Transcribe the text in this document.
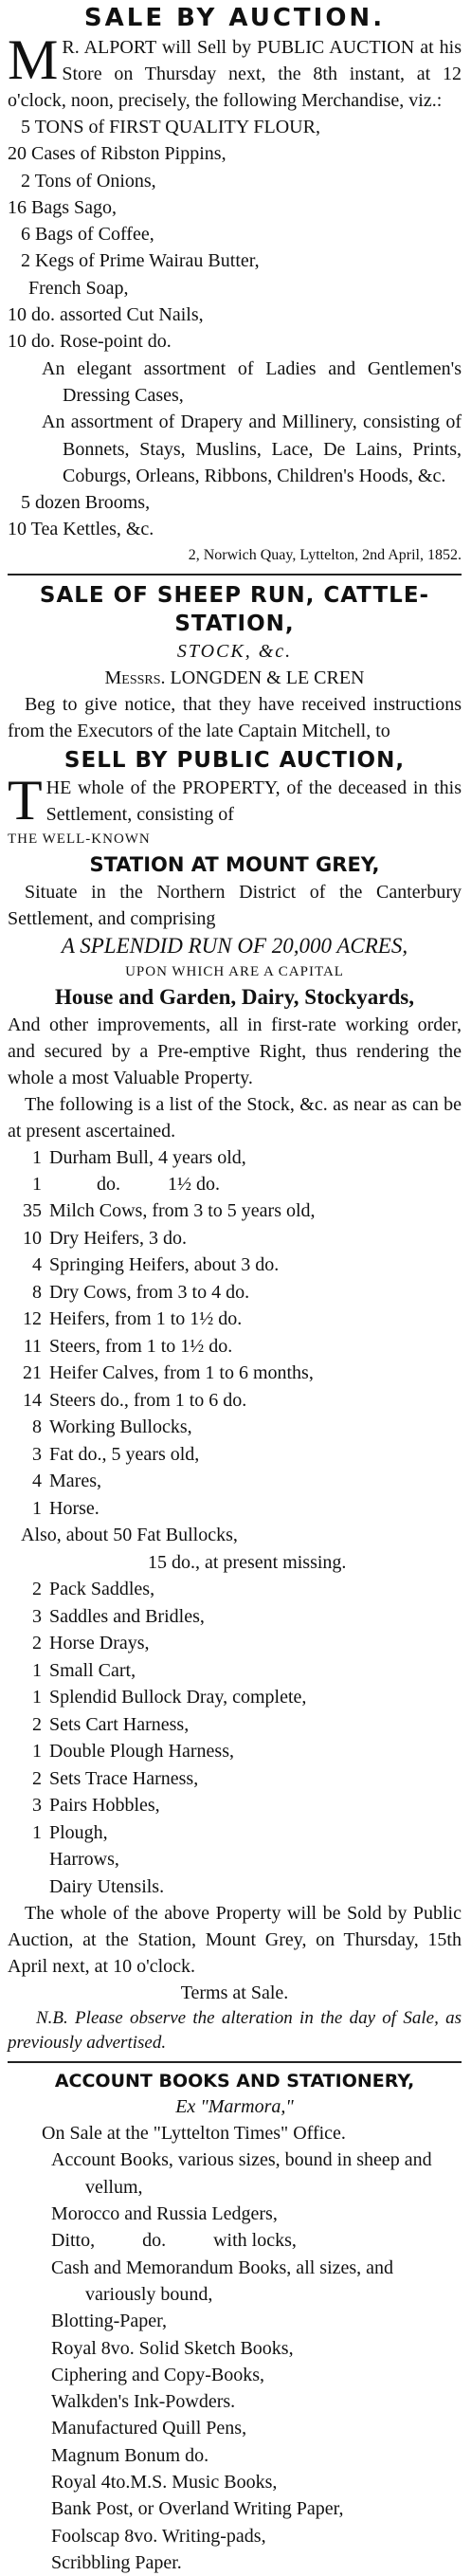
SALE BY AUCTION.

M R. ALPORT will Sell by PUBLIC AUCTION at his Store on Thursday next, the 8th instant, at 12 o'clock, noon, precisely, the following Merchandise, viz.:

5 TONS of FIRST QUALITY FLOUR,

20 Cases of Ribston Pippins,

2 Tons of Onions,

16 Bags Sago,

6 Bags of Coffee,

2 Kegs of Prime Wairau Butter,

French Soap,

10 do. assorted Cut Nails,

10 do. Rose-point do.

An elegant assortment of Ladies and Gentlemen's Dressing Cases,

An assortment of Drapery and Millinery, consisting of Bonnets, Stays, Muslins, Lace, De Lains, Prints, Coburgs, Orleans, Ribbons, Children's Hoods, &c.

5 dozen Brooms,

10 Tea Kettles, &c.

2, Norwich Quay, Lyttelton, 2nd April, 1852.

SALE OF SHEEP RUN, CATTLE-STATION,

STOCK, &c.

Messrs. LONGDEN & LE CREN

Beg to give notice, that they have received instructions from the Executors of the late Captain Mitchell, to

SELL BY PUBLIC AUCTION,

THE whole of the PROPERTY, of the deceased in this Settlement, consisting of

THE WELL-KNOWN

STATION AT MOUNT GREY,

Situate in the Northern District of the Canterbury Settlement, and comprising

A SPLENDID RUN OF 20,000 ACRES,

UPON WHICH ARE A CAPITAL

House and Garden, Dairy, Stockyards,

And other improvements, all in first-rate working order, and secured by a Pre-emptive Right, thus rendering the whole a most Valuable Property.

The following is a list of the Stock, &c. as near as can be at present ascertained.

1 Durham Bull, 4 years old,

1          do.          1½ do.

35 Milch Cows, from 3 to 5 years old,

10 Dry Heifers, 3 do.

4 Springing Heifers, about 3 do.

8 Dry Cows, from 3 to 4 do.

12 Heifers, from 1 to 1½ do.

11 Steers, from 1 to 1½ do.

21 Heifer Calves, from 1 to 6 months,

14 Steers do., from 1 to 6 do.

8 Working Bullocks,

3 Fat do., 5 years old,

4 Mares,

1 Horse.

Also, about 50 Fat Bullocks,

15 do., at present missing.

2 Pack Saddles,

3 Saddles and Bridles,

2 Horse Drays,

1 Small Cart,

1 Splendid Bullock Dray, complete,

2 Sets Cart Harness,

1 Double Plough Harness,

2 Sets Trace Harness,

3 Pairs Hobbles,

1 Plough,

Harrows,

Dairy Utensils.

The whole of the above Property will be Sold by Public Auction, at the Station, Mount Grey, on Thursday, 15th April next, at 10 o'clock.

Terms at Sale.

N.B. Please observe the alteration in the day of Sale, as previously advertised.

ACCOUNT BOOKS AND STATIONERY,

Ex "Marmora,"

On Sale at the "Lyttelton Times" Office.

Account Books, various sizes, bound in sheep and vellum,

Morocco and Russia Ledgers,

Ditto,          do.          with locks,

Cash and Memorandum Books, all sizes, and variously bound,

Blotting-Paper,

Royal 8vo. Solid Sketch Books,

Ciphering and Copy-Books,

Walkden's Ink-Powders.

Manufactured Quill Pens,

Magnum Bonum do.

Royal 4to.M.S. Music Books,

Bank Post, or Overland Writing Paper,

Foolscap 8vo. Writing-pads,

Scribbling Paper.
